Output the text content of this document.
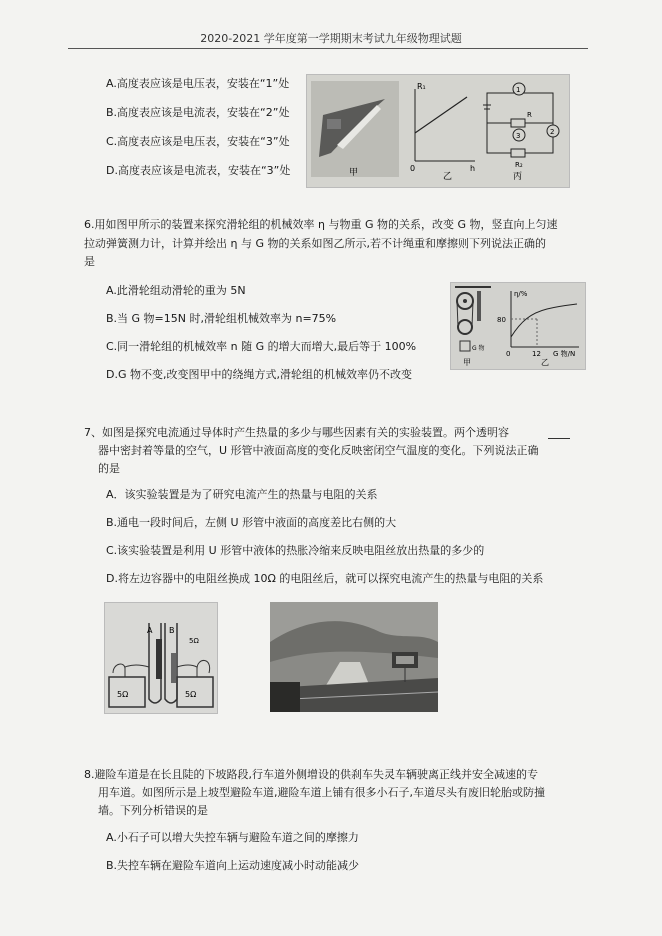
2020-2021 学年度第一学期期末考试九年级物理试题
A.高度表应该是电压表，安装在“1”处
B.高度表应该是电流表，安装在“2”处
C.高度表应该是电压表，安装在“3”处
D.高度表应该是电流表，安装在“3”处	甲
R₁
h
0
乙
1
2
3
R
R₂
丙
6.用如图甲所示的装置来探究滑轮组的机械效率 η 与物重 G 物的关系，改变 G 物，竖直向上匀速
拉动弹簧测力计，计算并绘出 η 与 G 物的关系如图乙所示,若不计绳重和摩擦则下列说法正确的
是
A.此滑轮组动滑轮的重为 5N
B.当 G 物=15N 时,滑轮组机械效率为 n=75%
C.同一滑轮组的机械效率 n 随 G 的增大而增大,最后等于 100%
D.G 物不变,改变图甲中的绕绳方式,滑轮组的机械效率仍不改变
G 物
甲
η/%
80
0	12 G 物/N
乙
7、如图是探究电流通过导体时产生热量的多少与哪些因素有关的实验装置。两个透明容
器中密封着等量的空气，U 形管中液面高度的变化反映密闭空气温度的变化。下列说法正确
的是
A．该实验装置是为了研究电流产生的热量与电阻的关系
B.通电一段时间后，左侧 U 形管中液面的高度差比右侧的大
C.该实验装置是利用 U 形管中液体的热胀冷缩来反映电阻丝放出热量的多少的
D.将左边容器中的电阻丝换成 10Ω 的电阻丝后，就可以探究电流产生的热量与电阻的关系
A B
5Ω
5Ω	5Ω
8.避险车道是在长且陡的下坡路段,行车道外侧增设的供刹车失灵车辆驶离正线并安全减速的专
用车道。如图所示是上坡型避险车道,避险车道上铺有很多小石子,车道尽头有废旧轮胎或防撞
墙。下列分析错误的是
A.小石子可以增大失控车辆与避险车道之间的摩擦力
B.失控车辆在避险车道向上运动速度减小时动能减少
